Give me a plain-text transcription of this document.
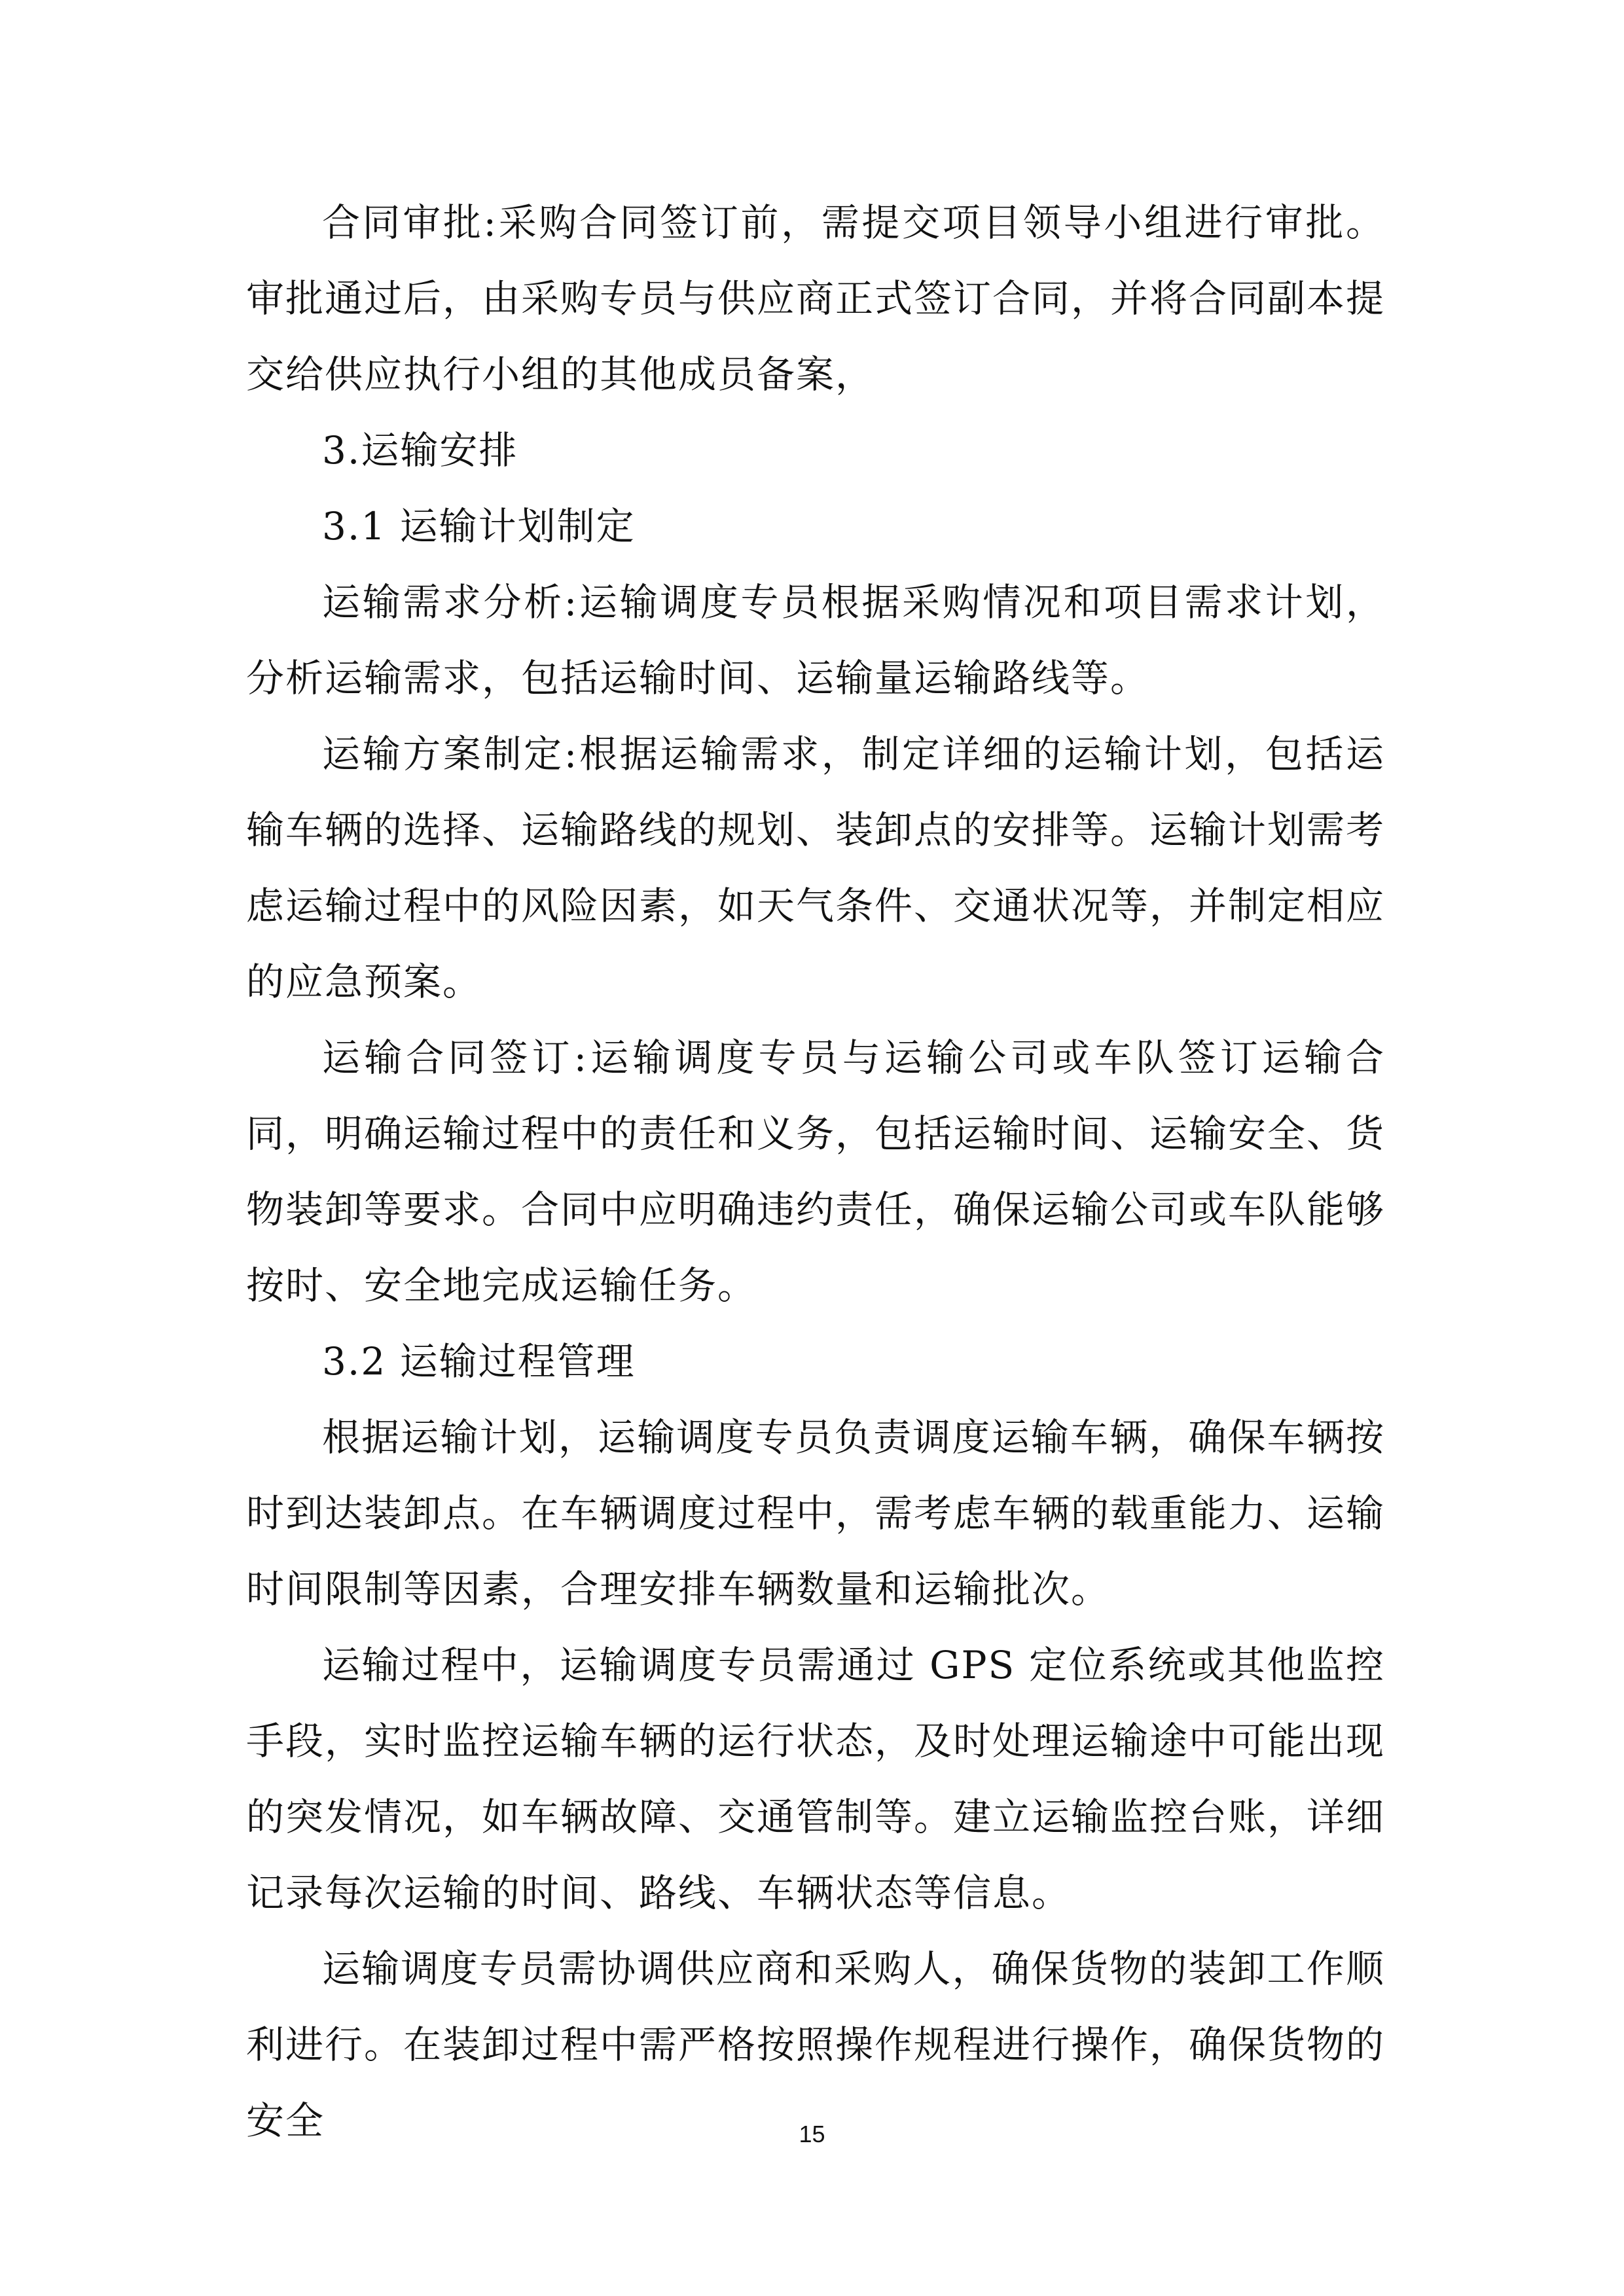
合同审批:采购合同签订前，需提交项目领导小组进行审批。审批通过后，由采购专员与供应商正式签订合同，并将合同副本提交给供应执行小组的其他成员备案，

3.运输安排

3.1 运输计划制定

运输需求分析:运输调度专员根据采购情况和项目需求计划，分析运输需求，包括运输时间、运输量运输路线等。

运输方案制定:根据运输需求，制定详细的运输计划，包括运输车辆的选择、运输路线的规划、装卸点的安排等。运输计划需考虑运输过程中的风险因素，如天气条件、交通状况等，并制定相应的应急预案。

运输合同签订:运输调度专员与运输公司或车队签订运输合同，明确运输过程中的责任和义务，包括运输时间、运输安全、货物装卸等要求。合同中应明确违约责任，确保运输公司或车队能够按时、安全地完成运输任务。

3.2 运输过程管理

根据运输计划，运输调度专员负责调度运输车辆，确保车辆按时到达装卸点。在车辆调度过程中，需考虑车辆的载重能力、运输时间限制等因素，合理安排车辆数量和运输批次。

运输过程中，运输调度专员需通过 GPS 定位系统或其他监控手段，实时监控运输车辆的运行状态，及时处理运输途中可能出现的突发情况，如车辆故障、交通管制等。建立运输监控台账，详细记录每次运输的时间、路线、车辆状态等信息。

运输调度专员需协调供应商和采购人，确保货物的装卸工作顺利进行。在装卸过程中需严格按照操作规程进行操作，确保货物的安全	15
